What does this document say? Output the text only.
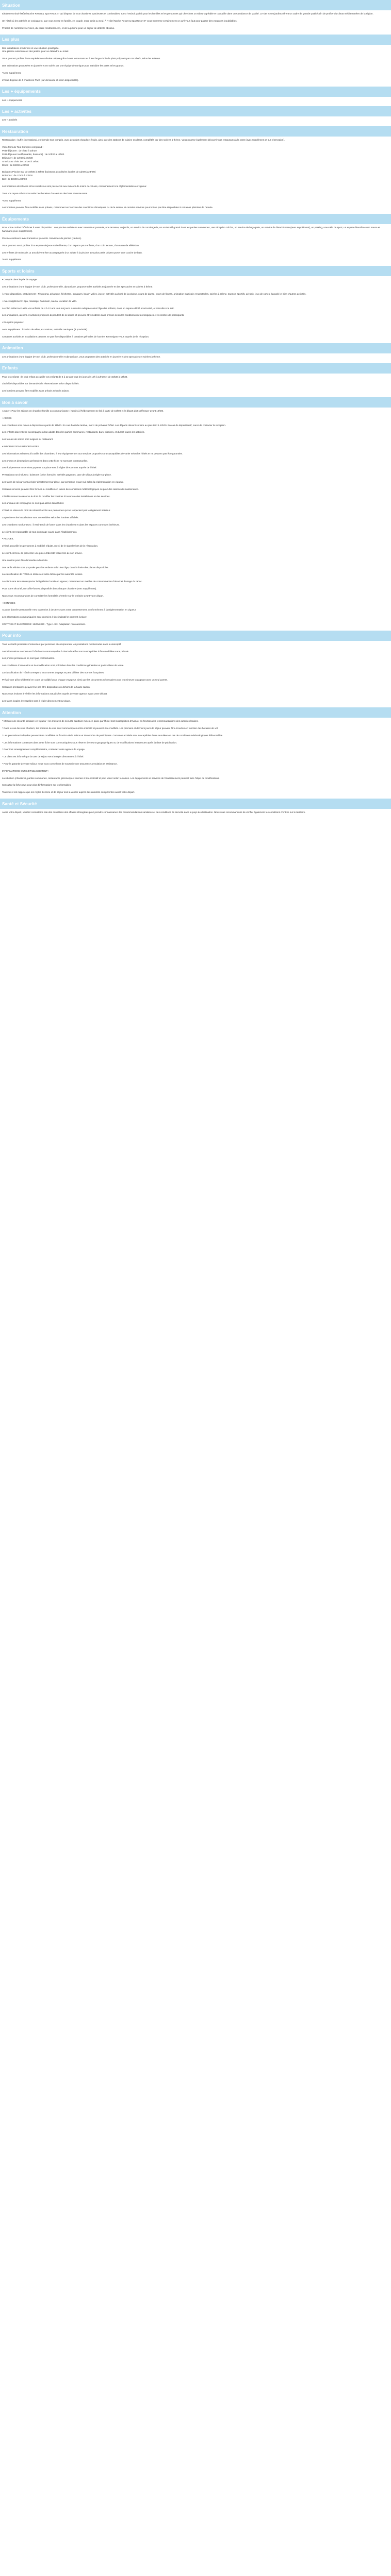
Situation

Idéalement situé l'Hôtel Noche Resort & Spa Resort 4* qui dispose de 643 chambres spacieuses et confortables. C'est l'endroit parfait pour les familles et les personnes qui cherchent un séjour agréable et tranquille dans une ambiance de qualité. Le site et ses jardins offrent un cadre de grande qualité afin de profiter du climat méditerranéen de la région.

Un hôtel où les activités se conjuguent, que vous soyez en famille, en couple, entre amis ou seul. À l'Hôtel Noche Resort & Spa Resort 4* vous trouverez certainement ce qu'il vous faut pour passer des vacances inoubliables.

Profitez de nombreux services, du cadre méditerranéen, et de la piscine pour un séjour de détente absolue.

Les plus

Des installations modernes et une situation privilégiée.

Une piscine extérieure et des jardins pour se détendre au soleil.

Vous pourrez profiter d'une expérience culinaire unique grâce à nos restaurants et à leur large choix de plats préparés par nos chefs, selon les saisons.

Des animations proposées en journée et en soirée par une équipe dynamique pour satisfaire les petits et les grands.

*Avec supplément

L'hôtel dispose de 4 chambres PMR (sur demande et selon disponibilité).

Les + équipements

Les + équipements

Les + activités

Les + activités

Restauration

Restauration : buffet international, en formule tout compris, avec des plats chauds et froids, ainsi que des stations de cuisine en direct, complétés par des soirées à thème. Vous pourrez également découvrir nos restaurants à la carte (avec supplément et sur réservation).

Votre formule Tout Compris comprend :

Petit-déjeuner : de 7h30 à 10h30

Petit-déjeuner tardif (snacks, boissons) : de 10h30 à 12h00

Déjeuner : de 12h30 à 15h30

Snacks au choix de 15h30 à 18h30

Dîner : de 19h00 à 22h30

Boissons Piscine Bar de 10h00 à 23h00 (boissons alcoolisées locales de 11h00 à 23h00)

Boissons : de 11h00 à 23h00

Bar : de 10h00 à 00h00

Les boissons alcoolisées et les snacks ne sont pas servis aux mineurs de moins de 18 ans, conformément à la réglementation en vigueur.

Tous vos repas et boissons selon les horaires d'ouverture des bars et restaurants.

*Avec supplément

Les horaires peuvent être modifiés sans préavis, notamment en fonction des conditions climatiques ou de la saison, et certains services pourront ne pas être disponibles à certaines périodes de l'année.

Équipements

Pour votre confort l'hôtel met à votre disposition : une piscine extérieure avec transats et parasols, une terrasse, un jardin, un service de conciergerie, un accès wifi gratuit dans les parties communes, une réception 24h/24, un service de bagagerie, un service de blanchisserie (avec supplément), un parking, une salle de sport, un espace bien-être avec sauna et hammam (avec supplément).

Piscine extérieure avec transats et parasols. Serviettes de piscine (caution).

Vous pourrez aussi profiter d'un espace de jeux et de détente, d'un espace pour enfants, d'un coin lecture, d'un salon de télévision.

Les enfants de moins de 12 ans doivent être accompagnés d'un adulte à la piscine. Les plus petits doivent porter une couche de bain.

*Avec supplément

Sports et loisirs

• Compris dans le prix de voyage :

Les animations d'une équipe d'Hotel Club, professionnelle, dynamique, proposent des activités en journée et des spectacles et soirées à thème.

À votre disposition, gratuitement : Ping-pong, pétanque, fléchettes, aquagym, beach-volley, jeux et activités au bord de la piscine, cours de danse, cours de fitness, animation musicale et spectacles, soirées à thème, tournois sportifs, aérobic, jeux de cartes, karaoké et bien d'autres activités.

• Avec supplément : Spa, massage, hammam, sauna. Location de vélo.

Le Club enfant accueille vos enfants de 4 à 12 ans tous les jours. Animation adaptée selon l'âge des enfants, dans un espace dédié et sécurisé, et mini-disco le soir.

Les animations, ateliers et activités proposés dépendent de la saison et peuvent être modifiés sans préavis selon les conditions météorologiques et le nombre de participants.

• En option payante :

Avec supplément : location de vélos, excursions, activités nautiques (à proximité).

Certaines activités et installations peuvent ne pas être disponibles à certaines périodes de l'année. Renseignez-vous auprès de la réception.

Animation

Les animations d'une équipe d'Hotel Club, professionnelle et dynamique, vous proposent des activités en journée et des spectacles et soirées à thème.

Enfants

Pour les enfants : le club enfant accueille vos enfants de 4 à 12 ans tous les jours de 10h à 12h30 et de 15h30 à 17h30.

Lits bébé disponibles sur demande à la réservation et selon disponibilités.

Les horaires peuvent être modifiés sans préavis selon la saison.

Bon à savoir

A noter : Pour les séjours en chambre famille ou communicante : l'accès à l'hébergement se fait à partir de 15h00 et le départ doit s'effectuer avant 12h00.

• ACCÈS

Les chambres sont mises à disposition à partir de 15h00. En cas d'arrivée tardive, merci de prévenir l'hôtel. Les départs doivent se faire au plus tard à 12h00. En cas de départ tardif, merci de contacter la réception.

Les enfants doivent être accompagnés d'un adulte dans les parties communes, restaurants, bars, piscines, et durant toutes les activités.

Les tenues de soirée sont exigées au restaurant.

• INFORMATIONS IMPORTANTES

Les informations relatives à la taille des chambres, à leur équipement et aux services proposés sont susceptibles de varier selon les hôtels et ne peuvent pas être garanties.

Les photos et descriptions présentées dans cette fiche ne sont pas contractuelles.

Les équipements et services payants sur place sont à régler directement auprès de l'hôtel.

Prestations non incluses : boissons (selon formule), activités payantes, taxe de séjour à régler sur place.

Les taxes de séjour sont à régler directement sur place, par personne et par nuit selon la réglementation en vigueur.

Certains services peuvent être fermés ou modifiés en raison des conditions météorologiques ou pour des raisons de maintenance.

L'établissement se réserve le droit de modifier les horaires d'ouverture des installations et des services.

Les animaux de compagnie ne sont pas admis dans l'hôtel.

L'hôtel se réserve le droit de refuser l'accès aux personnes qui ne respectent pas le règlement intérieur.

La piscine et les installations sont accessibles selon les horaires affichés.

Les chambres non fumeurs : il est interdit de fumer dans les chambres et dans les espaces communs intérieurs.

Le client est responsable de tout dommage causé dans l'établissement.

• ACCUEIL

L'hôtel accueille les personnes à mobilité réduite, merci de le signaler lors de la réservation.

Le client est tenu de présenter une pièce d'identité valide lors de son arrivée.

Une caution peut être demandée à l'arrivée.

Des tarifs réduits sont proposés pour les enfants selon leur âge, dans la limite des places disponibles.

La classification de l'hôtel en étoiles est celle définie par les autorités locales.

Le client sera tenu de respecter la législation locale en vigueur, notamment en matière de consommation d'alcool et d'usage du tabac.

Pour votre sécurité, un coffre-fort est disponible dans chaque chambre (avec supplément).

Nous vous recommandons de consulter les formalités d'entrée sur le territoire avant votre départ.

• DONNÉES

Aucune donnée personnelle n'est transmise à des tiers sans votre consentement, conformément à la réglementation en vigueur.

Les informations communiquées sont données à titre indicatif et peuvent évoluer.

COPYRIGHT ELECTRODE: 12/05/2020 - Type 1 3/3. Adaptation non autorisée.

Pour info

Tous les tarifs présentés s'entendent par personne et comprennent les prestations mentionnées dans le descriptif.

Les informations concernant l'hôtel sont communiquées à titre indicatif et sont susceptibles d'être modifiées sans préavis.

Les photos présentées ne sont pas contractuelles.

Les conditions d'annulation et de modification sont précisées dans les conditions générales et particulières de vente.

La classification de l'hôtel correspond aux normes du pays et peut différer des normes françaises.

Prévoir une pièce d'identité en cours de validité pour chaque voyageur, ainsi que les documents nécessaires pour les mineurs voyageant avec un seul parent.

Certaines prestations peuvent ne pas être disponibles en dehors de la haute saison.

Nous vous invitons à vérifier les informations actualisées auprès de votre agence avant votre départ.

Les taxes locales éventuelles sont à régler directement sur place.

Attention

* Mesures de sécurité sanitaire en vigueur : les mesures de sécurité sanitaire mises en place par l'hôtel sont susceptibles d'évoluer en fonction des recommandations des autorités locales.

* Dans le cas des vols charters, les horaires de vols sont communiqués à titre indicatif et peuvent être modifiés. Les premiers et derniers jours de séjour peuvent être écourtés en fonction des horaires de vol.

* Les prestations indiquées peuvent être modifiées en fonction de la saison et du nombre de participants. Certaines activités sont susceptibles d'être annulées en cas de conditions météorologiques défavorables.

* Les informations contenues dans cette fiche sont communiquées sous réserve d'erreurs typographiques ou de modifications intervenues après la date de publication.

* Pour tout renseignement complémentaire, contactez votre agence de voyage.

* Le client est informé que la taxe de séjour sera à régler directement à l'hôtel.

* Pour la garantie de votre séjour, nous vous conseillons de souscrire une assurance annulation et assistance.

INFORMATIONS SUR L'ÉTABLISSEMENT :

La situation (chambres, parties communes, restaurants, piscines) est donnée à titre indicatif et peut varier selon la saison. Les équipements et services de l'établissement peuvent faire l'objet de modifications.

Consultez la fiche pays pour plus d'informations sur les formalités.

Toutefois il est rappelé que les règles d'entrée et de séjour sont à vérifier auprès des autorités compétentes avant votre départ.

Santé et Sécurité

Avant votre départ, veuillez consulter le site des ministères des affaires étrangères pour prendre connaissance des recommandations sanitaires et des conditions de sécurité dans le pays de destination. Nous vous recommandons de vérifier également les conditions d'entrée sur le territoire.
